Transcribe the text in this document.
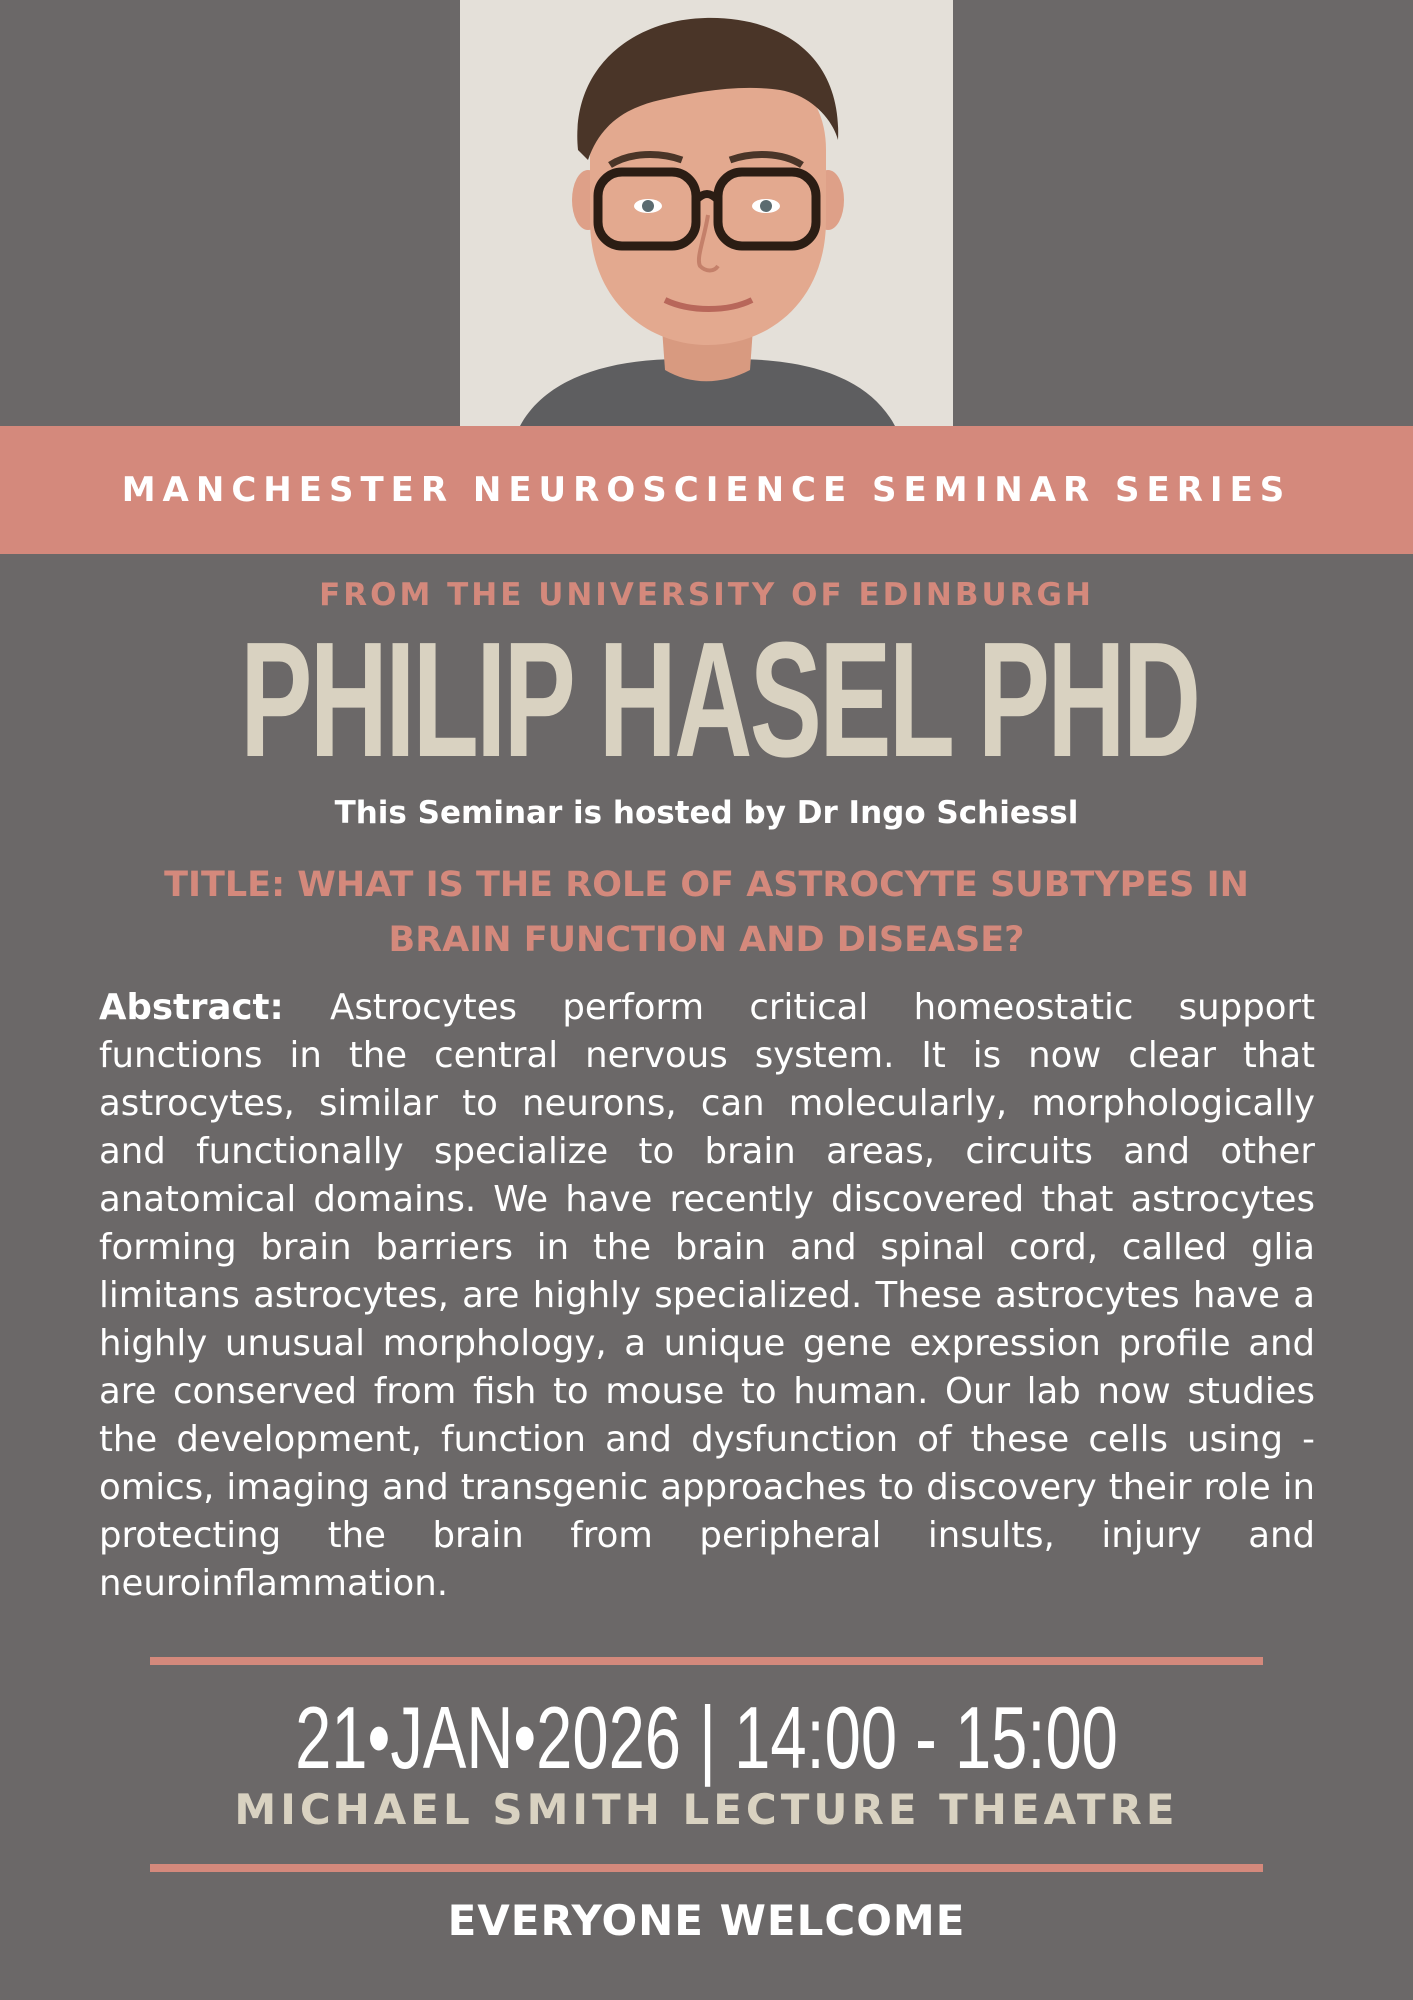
MANCHESTER NEUROSCIENCE SEMINAR SERIES
FROM THE UNIVERSITY OF EDINBURGH
PHILIP HASEL PHD
This Seminar is hosted by Dr Ingo Schiessl
TITLE: WHAT IS THE ROLE OF ASTROCYTE SUBTYPES IN
BRAIN FUNCTION AND DISEASE?
Abstract: Astrocytes perform critical homeostatic support functions in the central nervous system. It is now clear that astrocytes, similar to neurons, can molecularly, morphologically and functionally specialize to brain areas, circuits and other anatomical domains. We have recently discovered that astrocytes forming brain barriers in the brain and spinal cord, called glia limitans astrocytes, are highly specialized. These astrocytes have a highly unusual morphology, a unique gene expression profile and are conserved from fish to mouse to human. Our lab now studies the development, function and dysfunction of these cells using -omics, imaging and transgenic approaches to discovery their role in protecting the brain from peripheral insults, injury and neuroinflammation.
21•JAN•2026 | 14:00 - 15:00
MICHAEL SMITH LECTURE THEATRE
EVERYONE WELCOME
